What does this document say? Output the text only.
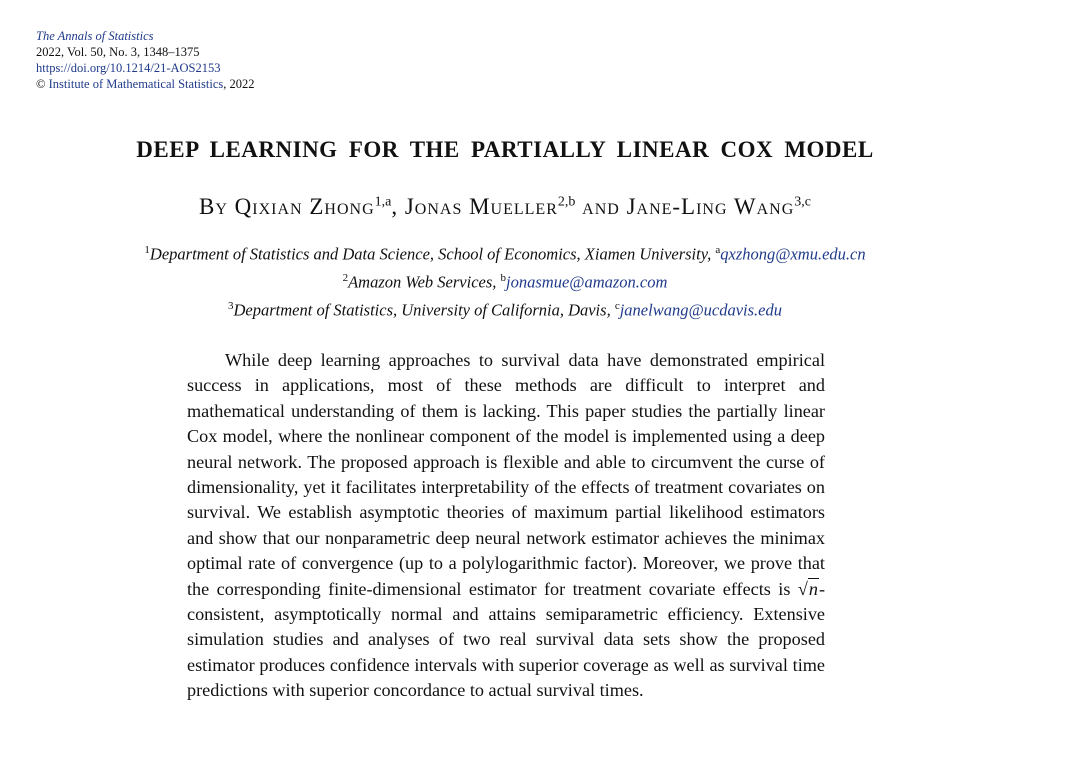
The Annals of Statistics
2022, Vol. 50, No. 3, 1348–1375
https://doi.org/10.1214/21-AOS2153
© Institute of Mathematical Statistics, 2022
DEEP LEARNING FOR THE PARTIALLY LINEAR COX MODEL
By Qixian Zhong$^{1,a}$, Jonas Mueller$^{2,b}$ and Jane-Ling Wang$^{3,c}$
$^1$Department of Statistics and Data Science, School of Economics, Xiamen University, $^a$qxzhong@xmu.edu.cn
$^2$Amazon Web Services, $^b$jonasmue@amazon.com
$^3$Department of Statistics, University of California, Davis, $^c$janelwang@ucdavis.edu
While deep learning approaches to survival data have demonstrated empirical success in applications, most of these methods are difficult to interpret and mathematical understanding of them is lacking. This paper studies the partially linear Cox model, where the nonlinear component of the model is implemented using a deep neural network. The proposed approach is flexible and able to circumvent the curse of dimensionality, yet it facilitates interpretability of the effects of treatment covariates on survival. We establish asymptotic theories of maximum partial likelihood estimators and show that our nonparametric deep neural network estimator achieves the minimax optimal rate of convergence (up to a polylogarithmic factor). Moreover, we prove that the corresponding finite-dimensional estimator for treatment covariate effects is √n-consistent, asymptotically normal and attains semiparametric efficiency. Extensive simulation studies and analyses of two real survival data sets show the proposed estimator produces confidence intervals with superior coverage as well as survival time predictions with superior concordance to actual survival times.
